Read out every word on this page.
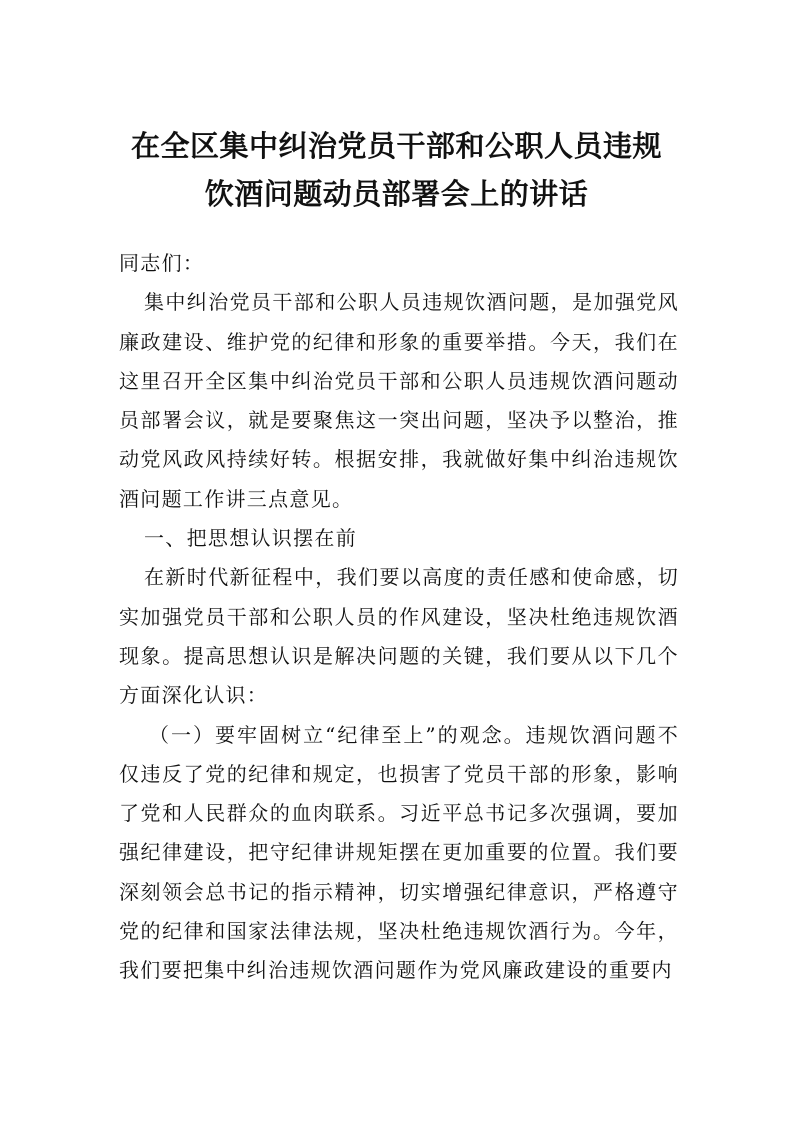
在全区集中纠治党员干部和公职人员违规
饮酒问题动员部署会上的讲话

同志们：

集中纠治党员干部和公职人员违规饮酒问题，是加强党风廉政建设、维护党的纪律和形象的重要举措。今天，我们在这里召开全区集中纠治党员干部和公职人员违规饮酒问题动员部署会议，就是要聚焦这一突出问题，坚决予以整治，推动党风政风持续好转。根据安排，我就做好集中纠治违规饮酒问题工作讲三点意见。

一、把思想认识摆在前

在新时代新征程中，我们要以高度的责任感和使命感，切实加强党员干部和公职人员的作风建设，坚决杜绝违规饮酒现象。提高思想认识是解决问题的关键，我们要从以下几个方面深化认识：

（一）要牢固树立“纪律至上”的观念。违规饮酒问题不仅违反了党的纪律和规定，也损害了党员干部的形象，影响了党和人民群众的血肉联系。习近平总书记多次强调，要加强纪律建设，把守纪律讲规矩摆在更加重要的位置。我们要深刻领会总书记的指示精神，切实增强纪律意识，严格遵守党的纪律和国家法律法规，坚决杜绝违规饮酒行为。今年，我们要把集中纠治违规饮酒问题作为党风廉政建设的重要内
